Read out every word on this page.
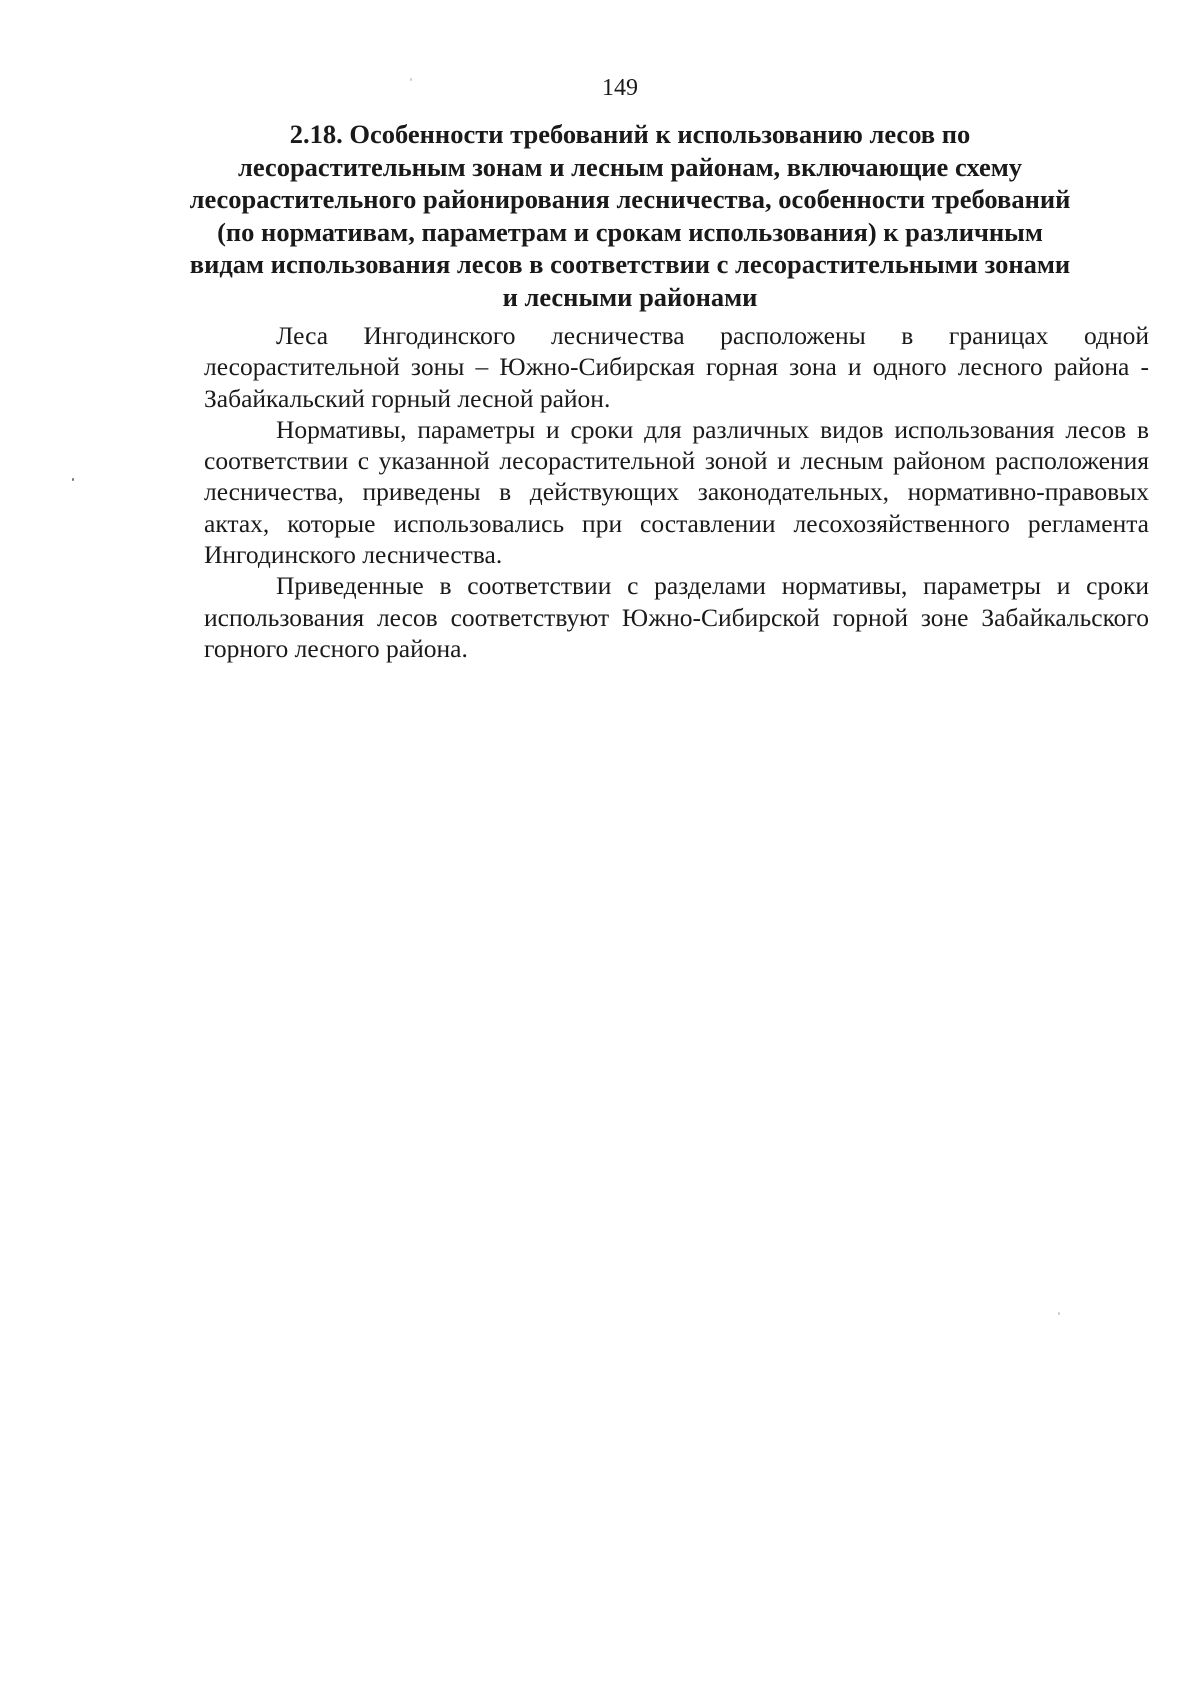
149
2.18. Особенности требований к использованию лесов по
лесорастительным зонам и лесным районам, включающие схему
лесорастительного районирования лесничества, особенности требований
(по нормативам, параметрам и срокам использования) к различным
видам использования лесов в соответствии с лесорастительными зонами
и лесными районами

Леса Ингодинского лесничества расположены в границах одной лесорастительной зоны – Южно-Сибирская горная зона и одного лесного района - Забайкальский горный лесной район.

Нормативы, параметры и сроки для различных видов использования лесов в соответствии с указанной лесорастительной зоной и лесным районом расположения лесничества, приведены в действующих законодательных, нормативно-правовых актах, которые использовались при составлении лесохозяйственного регламента Ингодинского лесничества.

Приведенные в соответствии с разделами нормативы, параметры и сроки использования лесов соответствуют Южно-Сибирской горной зоне Забайкальского горного лесного района.
